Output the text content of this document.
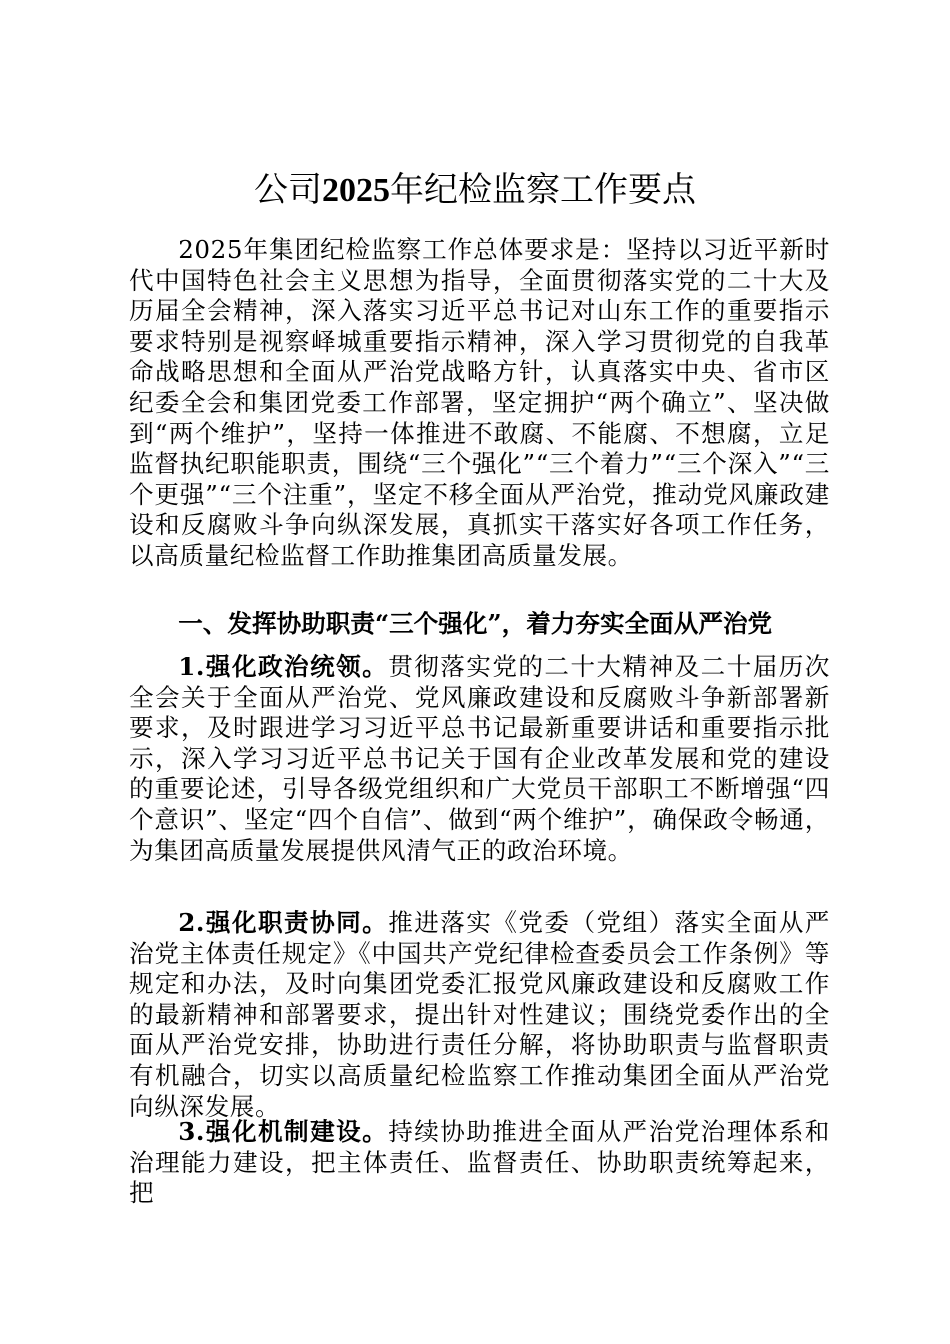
公司2025年纪检监察工作要点

2025年集团纪检监察工作总体要求是：坚持以习近平新时代中国特色社会主义思想为指导，全面贯彻落实党的二十大及历届全会精神，深入落实习近平总书记对山东工作的重要指示要求特别是视察峄城重要指示精神，深入学习贯彻党的自我革命战略思想和全面从严治党战略方针，认真落实中央、省市区纪委全会和集团党委工作部署，坚定拥护“两个确立”、坚决做到“两个维护”，坚持一体推进不敢腐、不能腐、不想腐，立足监督执纪职能职责，围绕“三个强化”“三个着力”“三个深入”“三个更强”“三个注重”，坚定不移全面从严治党，推动党风廉政建设和反腐败斗争向纵深发展，真抓实干落实好各项工作任务，以高质量纪检监督工作助推集团高质量发展。

一、发挥协助职责“三个强化”，着力夯实全面从严治党

1.强化政治统领。贯彻落实党的二十大精神及二十届历次全会关于全面从严治党、党风廉政建设和反腐败斗争新部署新要求，及时跟进学习习近平总书记最新重要讲话和重要指示批示，深入学习习近平总书记关于国有企业改革发展和党的建设的重要论述，引导各级党组织和广大党员干部职工不断增强“四个意识”、坚定“四个自信”、做到“两个维护”，确保政令畅通，为集团高质量发展提供风清气正的政治环境。

2.强化职责协同。推进落实《党委（党组）落实全面从严治党主体责任规定》《中国共产党纪律检查委员会工作条例》等规定和办法，及时向集团党委汇报党风廉政建设和反腐败工作的最新精神和部署要求，提出针对性建议；围绕党委作出的全面从严治党安排，协助进行责任分解，将协助职责与监督职责有机融合，切实以高质量纪检监察工作推动集团全面从严治党向纵深发展。

3.强化机制建设。持续协助推进全面从严治党治理体系和治理能力建设，把主体责任、监督责任、协助职责统筹起来，把
